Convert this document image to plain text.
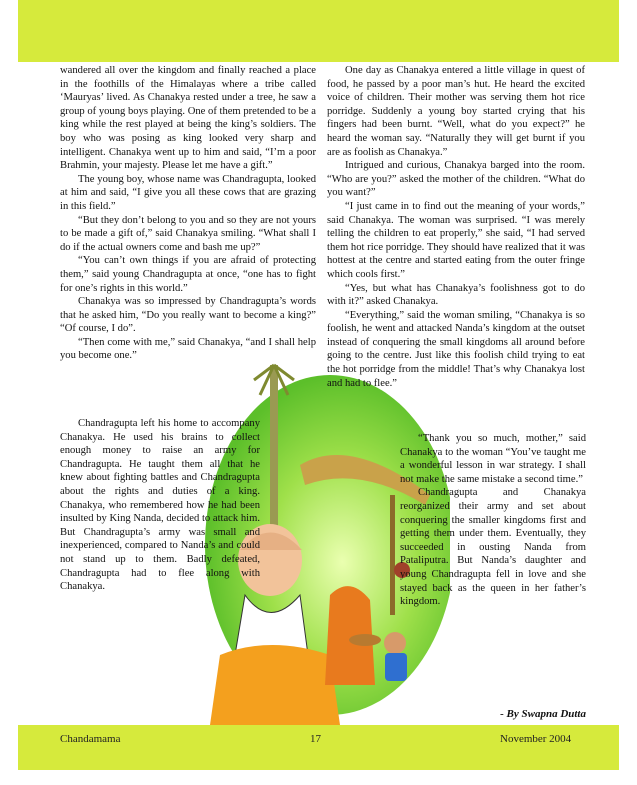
wandered all over the kingdom and finally reached a place in the foothills of the Himalayas where a tribe called ‘Mauryas’ lived. As Chanakya rested under a tree, he saw a group of young boys playing. One of them pretended to be a king while the rest played at being the king’s soldiers. The boy who was posing as king looked very sharp and intelligent. Chanakya went up to him and said, “I’m a poor Brahmin, your majesty. Please let me have a gift.”

The young boy, whose name was Chandragupta, looked at him and said, “I give you all these cows that are grazing in this field.”

“But they don’t belong to you and so they are not yours to be made a gift of,” said Chanakya smiling. “What shall I do if the actual owners come and bash me up?”

“You can’t own things if you are afraid of protecting them,” said young Chandragupta at once, “one has to fight for one’s rights in this world.”

Chanakya was so impressed by Chandragupta’s words that he asked him, “Do you really want to become a king?” “Of course, I do”.

“Then come with me,” said Chanakya, “and I shall help you become one.”

Chandragupta left his home to accompany Chanakya. He used his brains to collect enough money to raise an army for Chandragupta. He taught them all that he knew about fighting battles and Chandragupta about the rights and duties of a king. Chanakya, who remembered how he had been insulted by King Nanda, decided to attack him. But Chandragupta’s army was small and inexperienced, compared to Nanda’s and could not stand up to them. Badly defeated, Chandragupta had to flee along with Chanakya.

One day as Chanakya entered a little village in quest of food, he passed by a poor man’s hut. He heard the excited voice of children. Their mother was serving them hot rice porridge. Suddenly a young boy started crying that his fingers had been burnt. “Well, what do you expect?” he heard the woman say. “Naturally they will get burnt if you are as foolish as Chanakya.”

Intrigued and curious, Chanakya barged into the room. “Who are you?” asked the mother of the children. “What do you want?”

“I just came in to find out the meaning of your words,” said Chanakya. The woman was surprised. “I was merely telling the children to eat properly,” she said, “I had served them hot rice porridge. They should have realized that it was hottest at the centre and started eating from the outer fringe which cools first.”

“Yes, but what has Chanakya’s foolishness got to do with it?” asked Chanakya.

“Everything,” said the woman smiling, “Chanakya is so foolish, he went and attacked Nanda’s kingdom at the outset instead of conquering the small kingdoms all around before going to the centre. Just like this foolish child trying to eat the hot porridge from the middle! That’s why Chanakya lost and had to flee.”

“Thank you so much, mother,” said Chanakya to the woman “You’ve taught me a wonderful lesson in war strategy. I shall not make the same mistake a second time.”

Chandragupta and Chanakya reorganized their army and set about conquering the smaller kingdoms first and getting them under them. Eventually, they succeeded in ousting Nanda from Pataliputra. But Nanda’s daughter and young Chandragupta fell in love and she stayed back as the queen in her father’s kingdom.

- By Swapna Dutta
Chandamama	17	November 2004
